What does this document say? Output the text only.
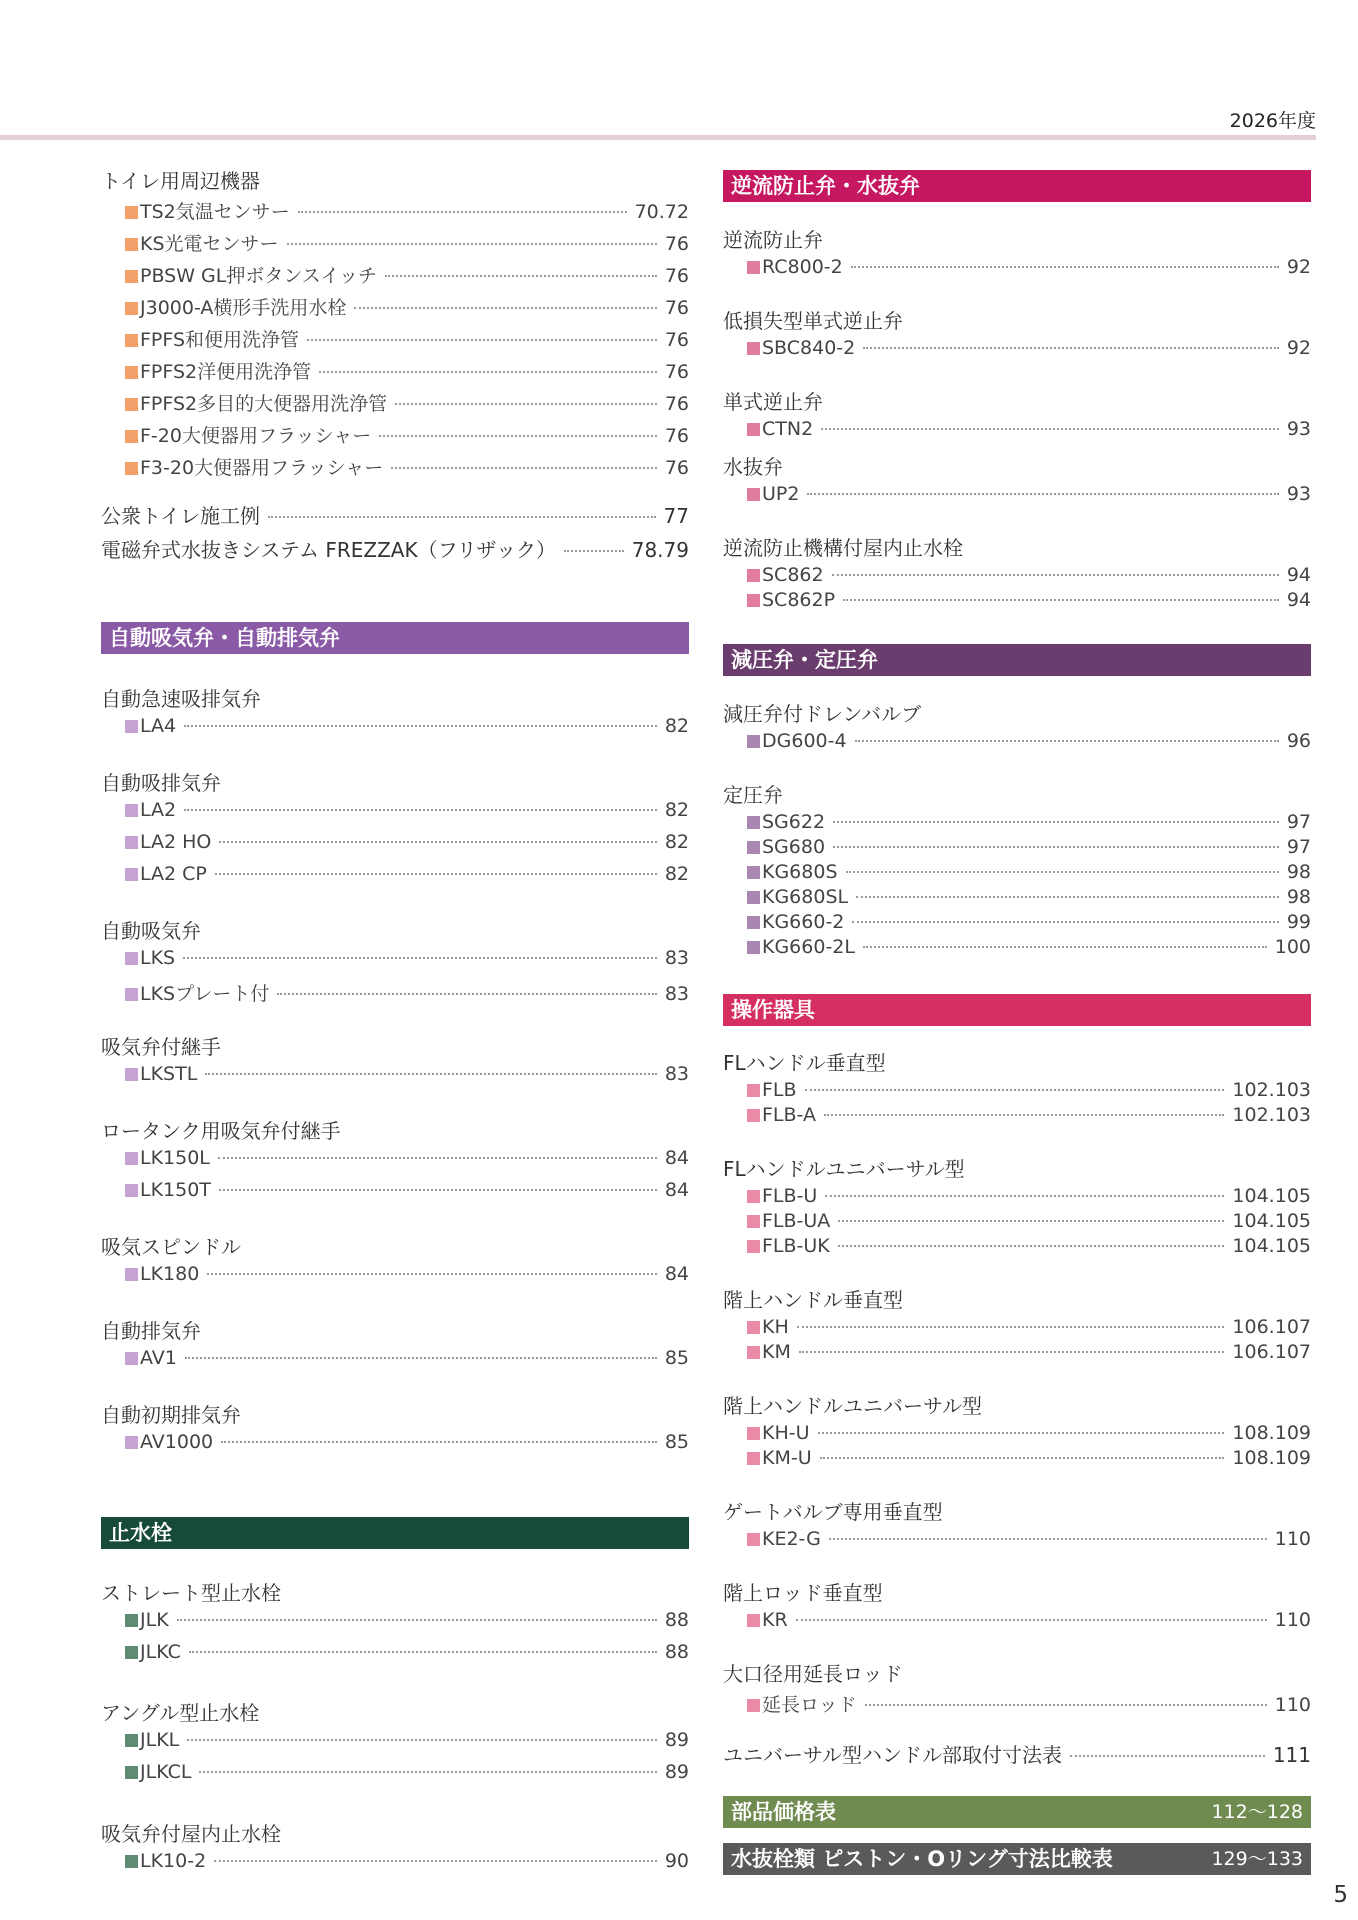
2026年度
トイレ用周辺機器
TS2気温センサー	70.72
KS光電センサー	76
PBSW GL押ボタンスイッチ	76
J3000-A横形手洗用水栓	76
FPFS和便用洗浄管	76
FPFS2洋便用洗浄管	76
FPFS2多目的大便器用洗浄管	76
F-20大便器用フラッシャー	76
F3-20大便器用フラッシャー	76
公衆トイレ施工例	77
電磁弁式水抜きシステム FREZZAK（フリザック）	78.79
自動吸気弁・自動排気弁
自動急速吸排気弁
LA4	82
自動吸排気弁
LA2	82
LA2 HO	82
LA2 CP	82
自動吸気弁
LKS	83
LKSプレート付	83
吸気弁付継手
LKSTL	83
ロータンク用吸気弁付継手
LK150L	84
LK150T	84
吸気スピンドル
LK180	84
自動排気弁
AV1	85
自動初期排気弁
AV1000	85
止水栓
ストレート型止水栓
JLK	88
JLKC	88
アングル型止水栓
JLKL	89
JLKCL	89
吸気弁付屋内止水栓
LK10-2	90
逆流防止弁・水抜弁
逆流防止弁
RC800-2	92
低損失型単式逆止弁
SBC840-2	92
単式逆止弁
CTN2	93
水抜弁
UP2	93
逆流防止機構付屋内止水栓
SC862	94
SC862P	94
減圧弁・定圧弁
減圧弁付ドレンバルブ
DG600-4	96
定圧弁
SG622	97
SG680	97
KG680S	98
KG680SL	98
KG660-2	99
KG660-2L	100
操作器具
FLハンドル垂直型
FLB	102.103
FLB-A	102.103
FLハンドルユニバーサル型
FLB-U	104.105
FLB-UA	104.105
FLB-UK	104.105
階上ハンドル垂直型
KH	106.107
KM	106.107
階上ハンドルユニバーサル型
KH-U	108.109
KM-U	108.109
ゲートバルブ専用垂直型
KE2-G	110
階上ロッド垂直型
KR	110
大口径用延長ロッド
延長ロッド	110
ユニバーサル型ハンドル部取付寸法表	111
部品価格表	112〜128
水抜栓類 ピストン・Oリング寸法比較表	129〜133
5
